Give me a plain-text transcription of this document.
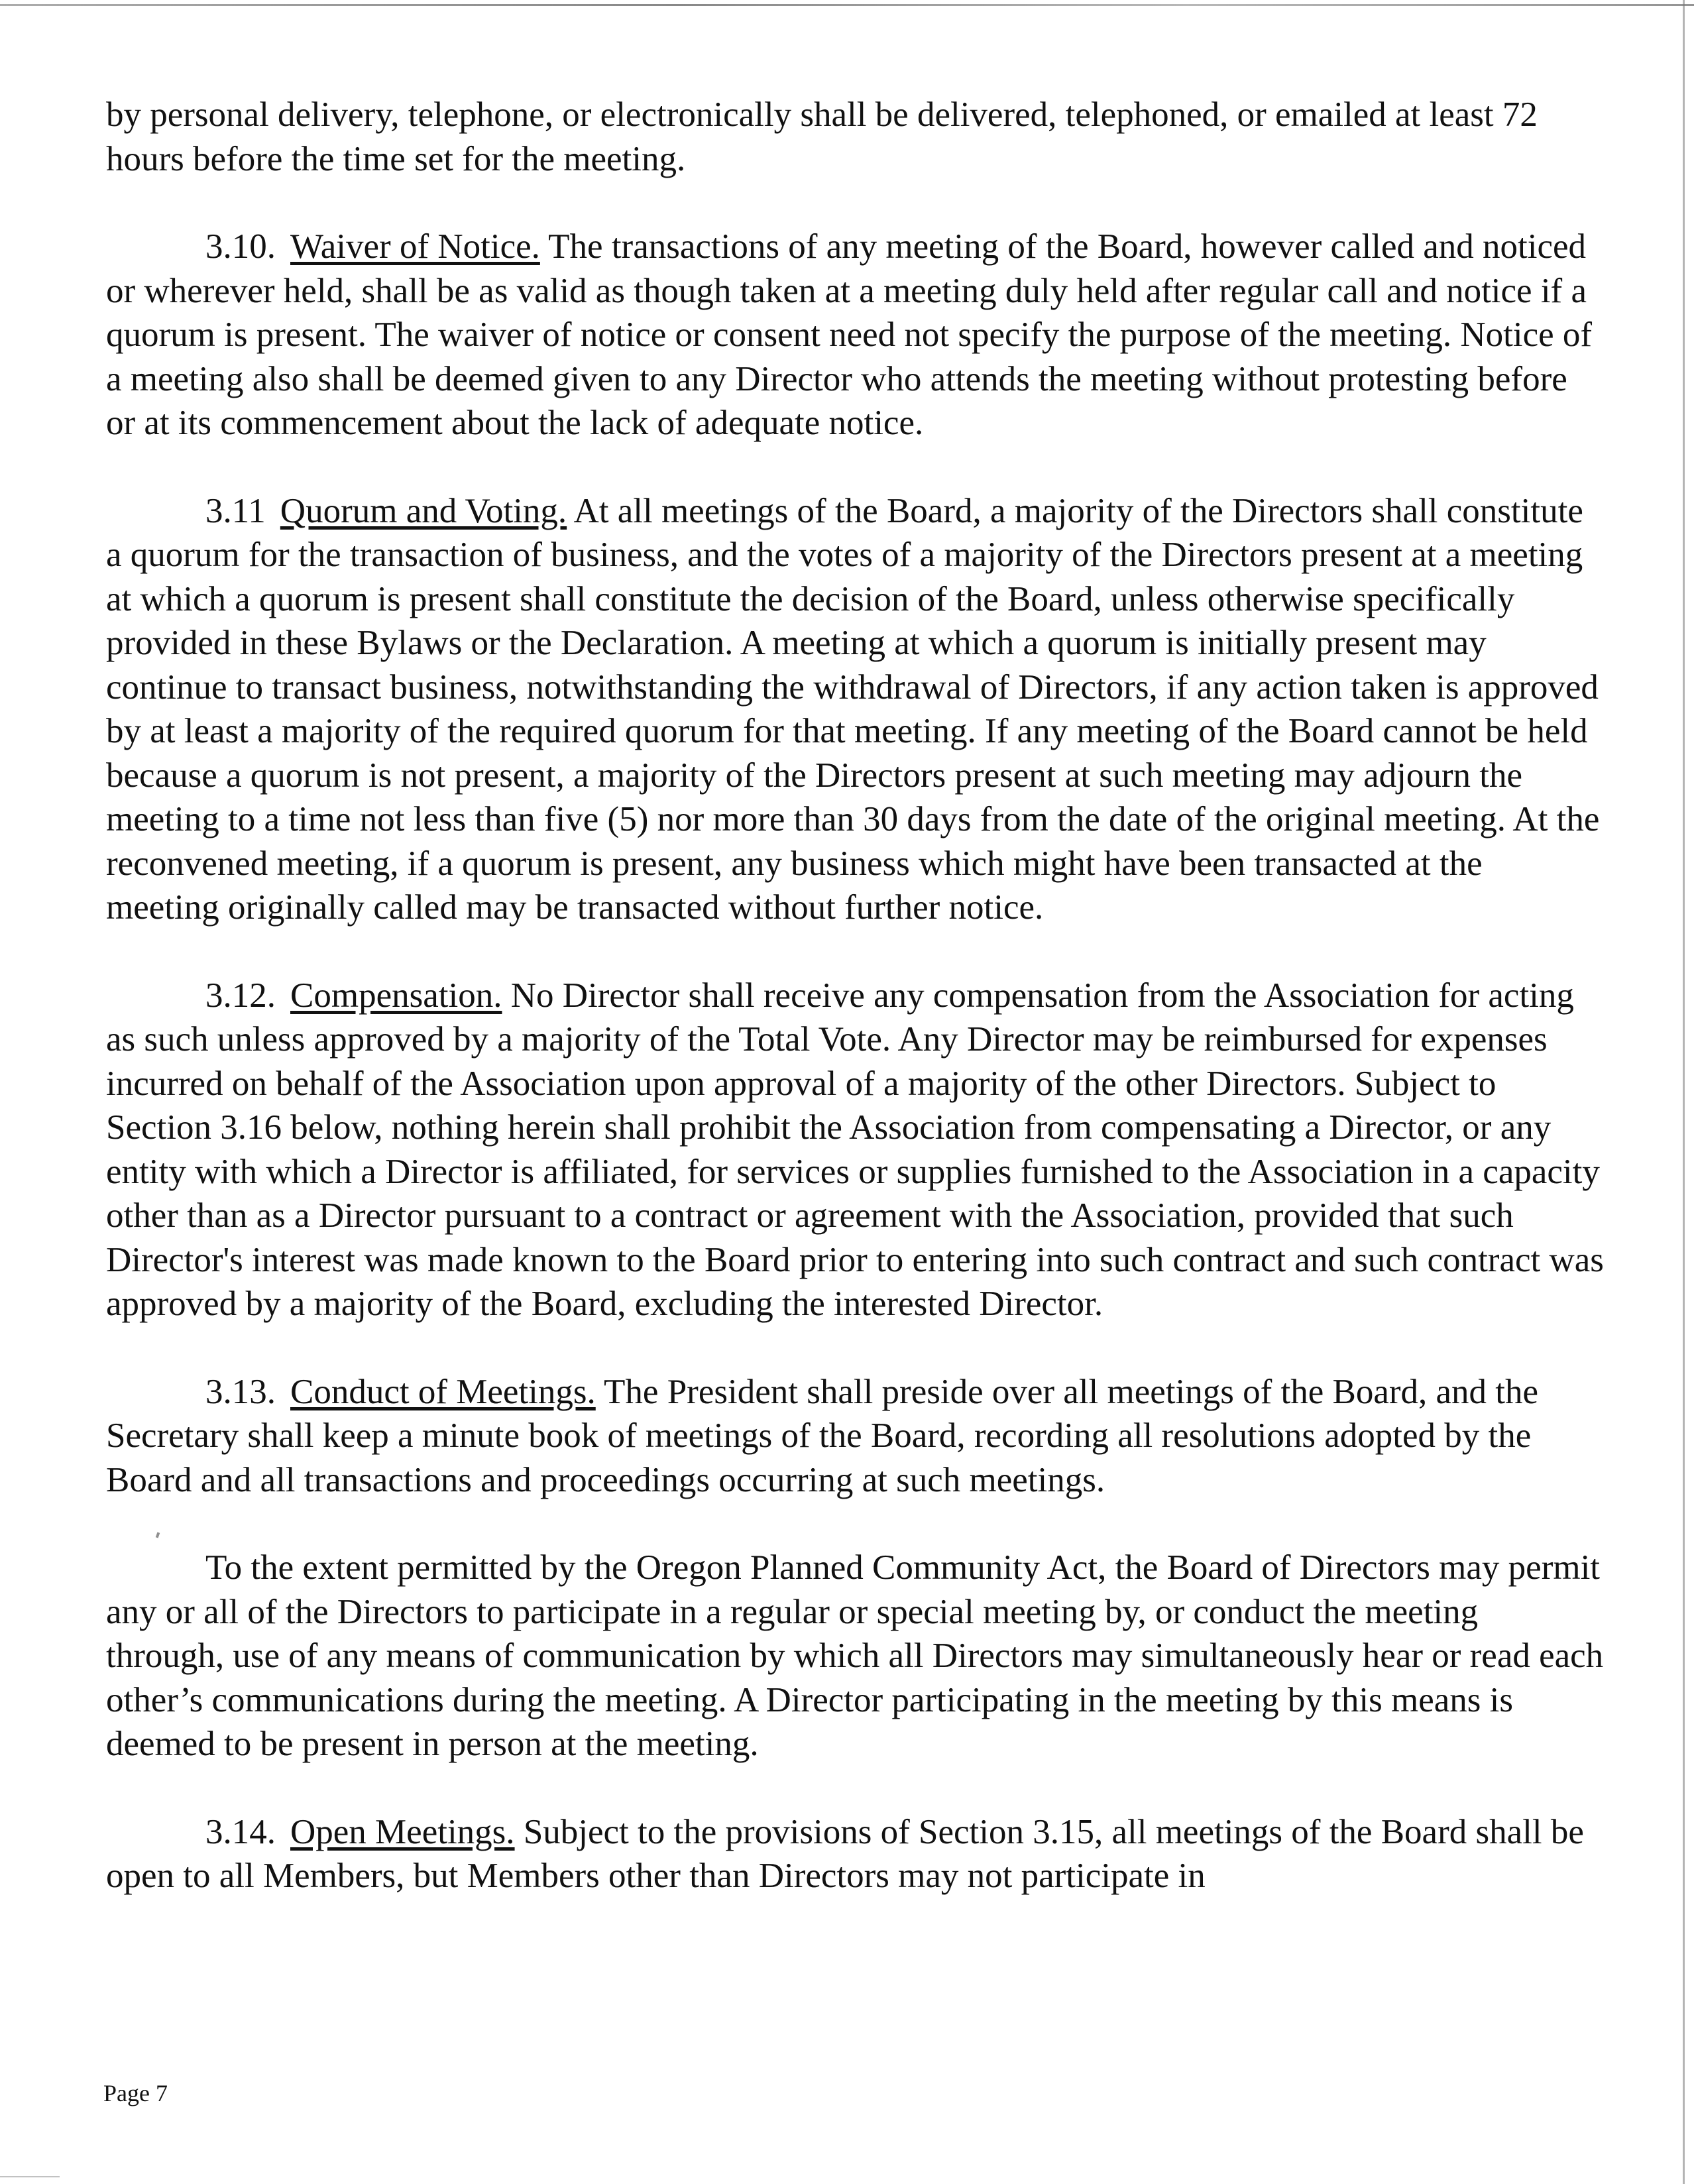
by personal delivery, telephone, or electronically shall be delivered, telephoned, or emailed at least 72 hours before the time set for the meeting.

3.10. Waiver of Notice. The transactions of any meeting of the Board, however called and noticed or wherever held, shall be as valid as though taken at a meeting duly held after regular call and notice if a quorum is present. The waiver of notice or consent need not specify the purpose of the meeting. Notice of a meeting also shall be deemed given to any Director who attends the meeting without protesting before or at its commencement about the lack of adequate notice.

3.11 Quorum and Voting. At all meetings of the Board, a majority of the Directors shall constitute a quorum for the transaction of business, and the votes of a majority of the Directors present at a meeting at which a quorum is present shall constitute the decision of the Board, unless otherwise specifically provided in these Bylaws or the Declaration. A meeting at which a quorum is initially present may continue to transact business, notwithstanding the withdrawal of Directors, if any action taken is approved by at least a majority of the required quorum for that meeting. If any meeting of the Board cannot be held because a quorum is not present, a majority of the Directors present at such meeting may adjourn the meeting to a time not less than five (5) nor more than 30 days from the date of the original meeting. At the reconvened meeting, if a quorum is present, any business which might have been transacted at the meeting originally called may be transacted without further notice.

3.12. Compensation. No Director shall receive any compensation from the Association for acting as such unless approved by a majority of the Total Vote. Any Director may be reimbursed for expenses incurred on behalf of the Association upon approval of a majority of the other Directors. Subject to Section 3.16 below, nothing herein shall prohibit the Association from compensating a Director, or any entity with which a Director is affiliated, for services or supplies furnished to the Association in a capacity other than as a Director pursuant to a contract or agreement with the Association, provided that such Director's interest was made known to the Board prior to entering into such contract and such contract was approved by a majority of the Board, excluding the interested Director.

3.13. Conduct of Meetings. The President shall preside over all meetings of the Board, and the Secretary shall keep a minute book of meetings of the Board, recording all resolutions adopted by the Board and all transactions and proceedings occurring at such meetings.

To the extent permitted by the Oregon Planned Community Act, the Board of Directors may permit any or all of the Directors to participate in a regular or special meeting by, or conduct the meeting through, use of any means of communication by which all Directors may simultaneously hear or read each other’s communications during the meeting. A Director participating in the meeting by this means is deemed to be present in person at the meeting.

3.14. Open Meetings. Subject to the provisions of Section 3.15, all meetings of the Board shall be open to all Members, but Members other than Directors may not participate in

Page 7
